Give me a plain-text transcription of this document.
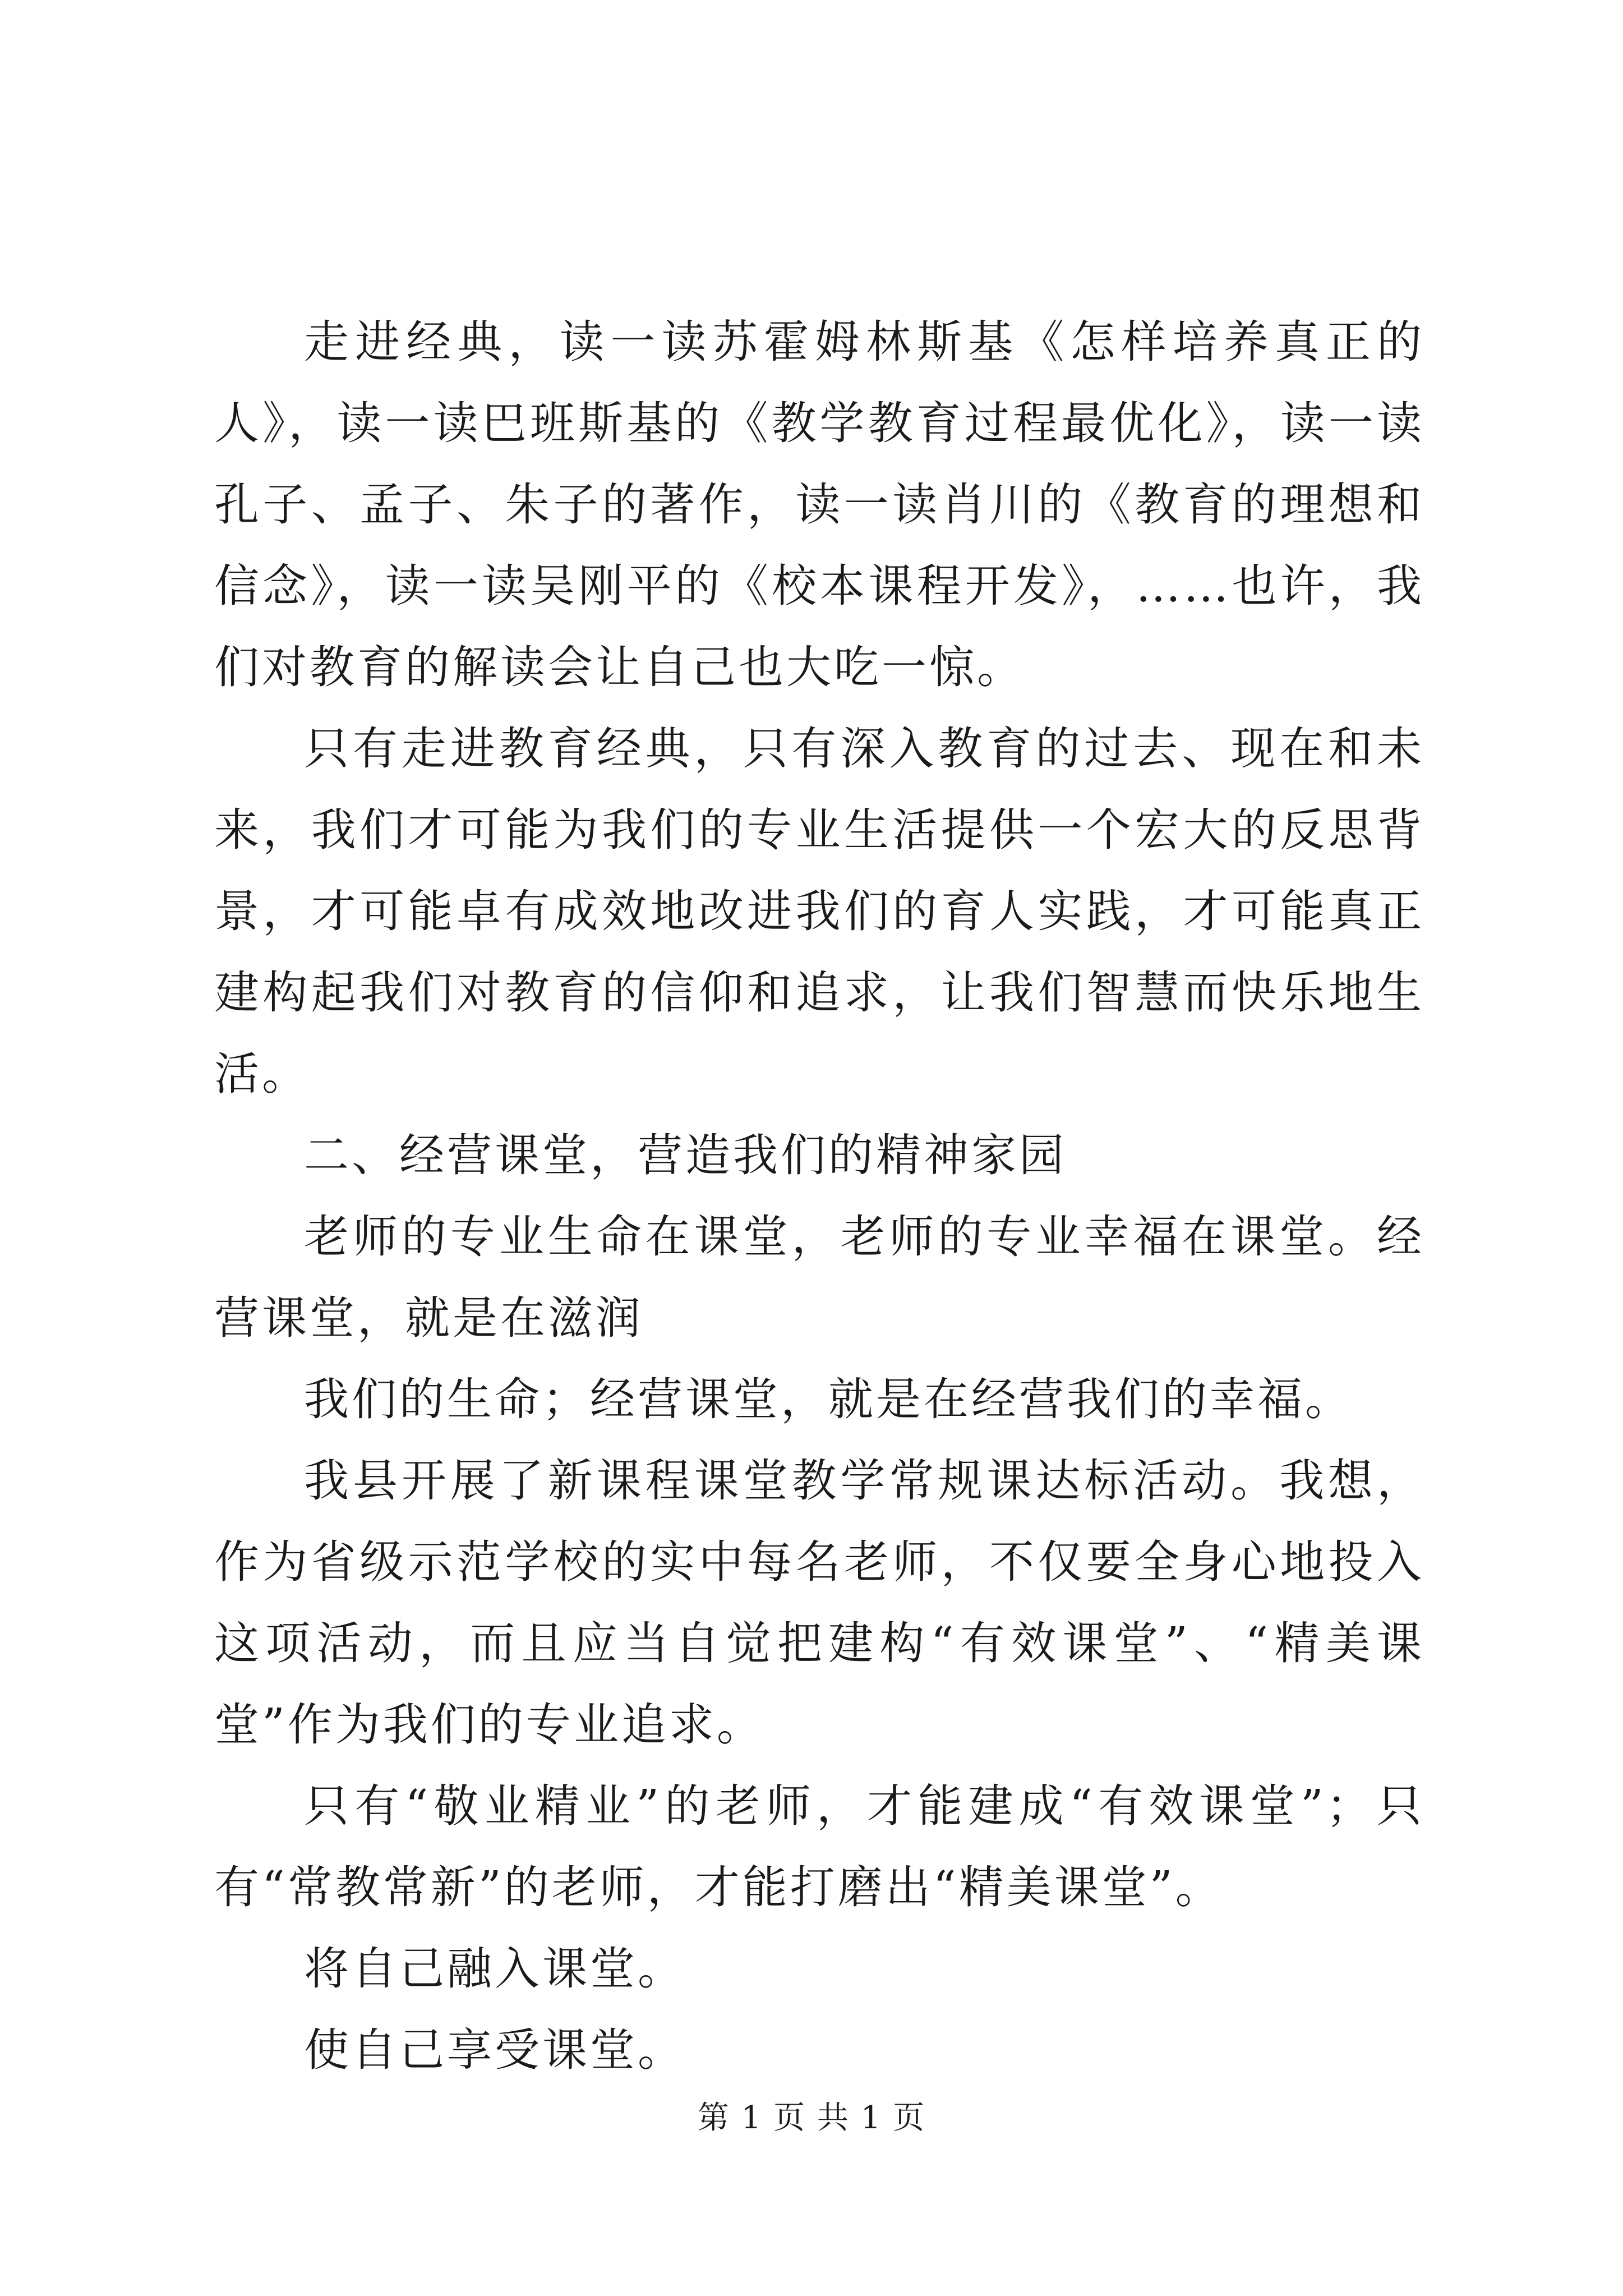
走进经典，读一读苏霍姆林斯基《怎样培养真正的人》，读一读巴班斯基的《教学教育过程最优化》，读一读孔子、孟子、朱子的著作，读一读肖川的《教育的理想和信念》，读一读吴刚平的《校本课程开发》，……也许，我们对教育的解读会让自己也大吃一惊。

只有走进教育经典，只有深入教育的过去、现在和未来，我们才可能为我们的专业生活提供一个宏大的反思背景，才可能卓有成效地改进我们的育人实践，才可能真正建构起我们对教育的信仰和追求，让我们智慧而快乐地生活。

二、经营课堂，营造我们的精神家园

老师的专业生命在课堂，老师的专业幸福在课堂。经营课堂，就是在滋润

我们的生命；经营课堂，就是在经营我们的幸福。

我县开展了新课程课堂教学常规课达标活动。我想，作为省级示范学校的实中每名老师，不仅要全身心地投入这项活动，而且应当自觉把建构“有效课堂”、“精美课堂”作为我们的专业追求。

只有“敬业精业”的老师，才能建成“有效课堂”；只有“常教常新”的老师，才能打磨出“精美课堂”。

将自己融入课堂。

使自己享受课堂。

第 1 页 共 1 页
